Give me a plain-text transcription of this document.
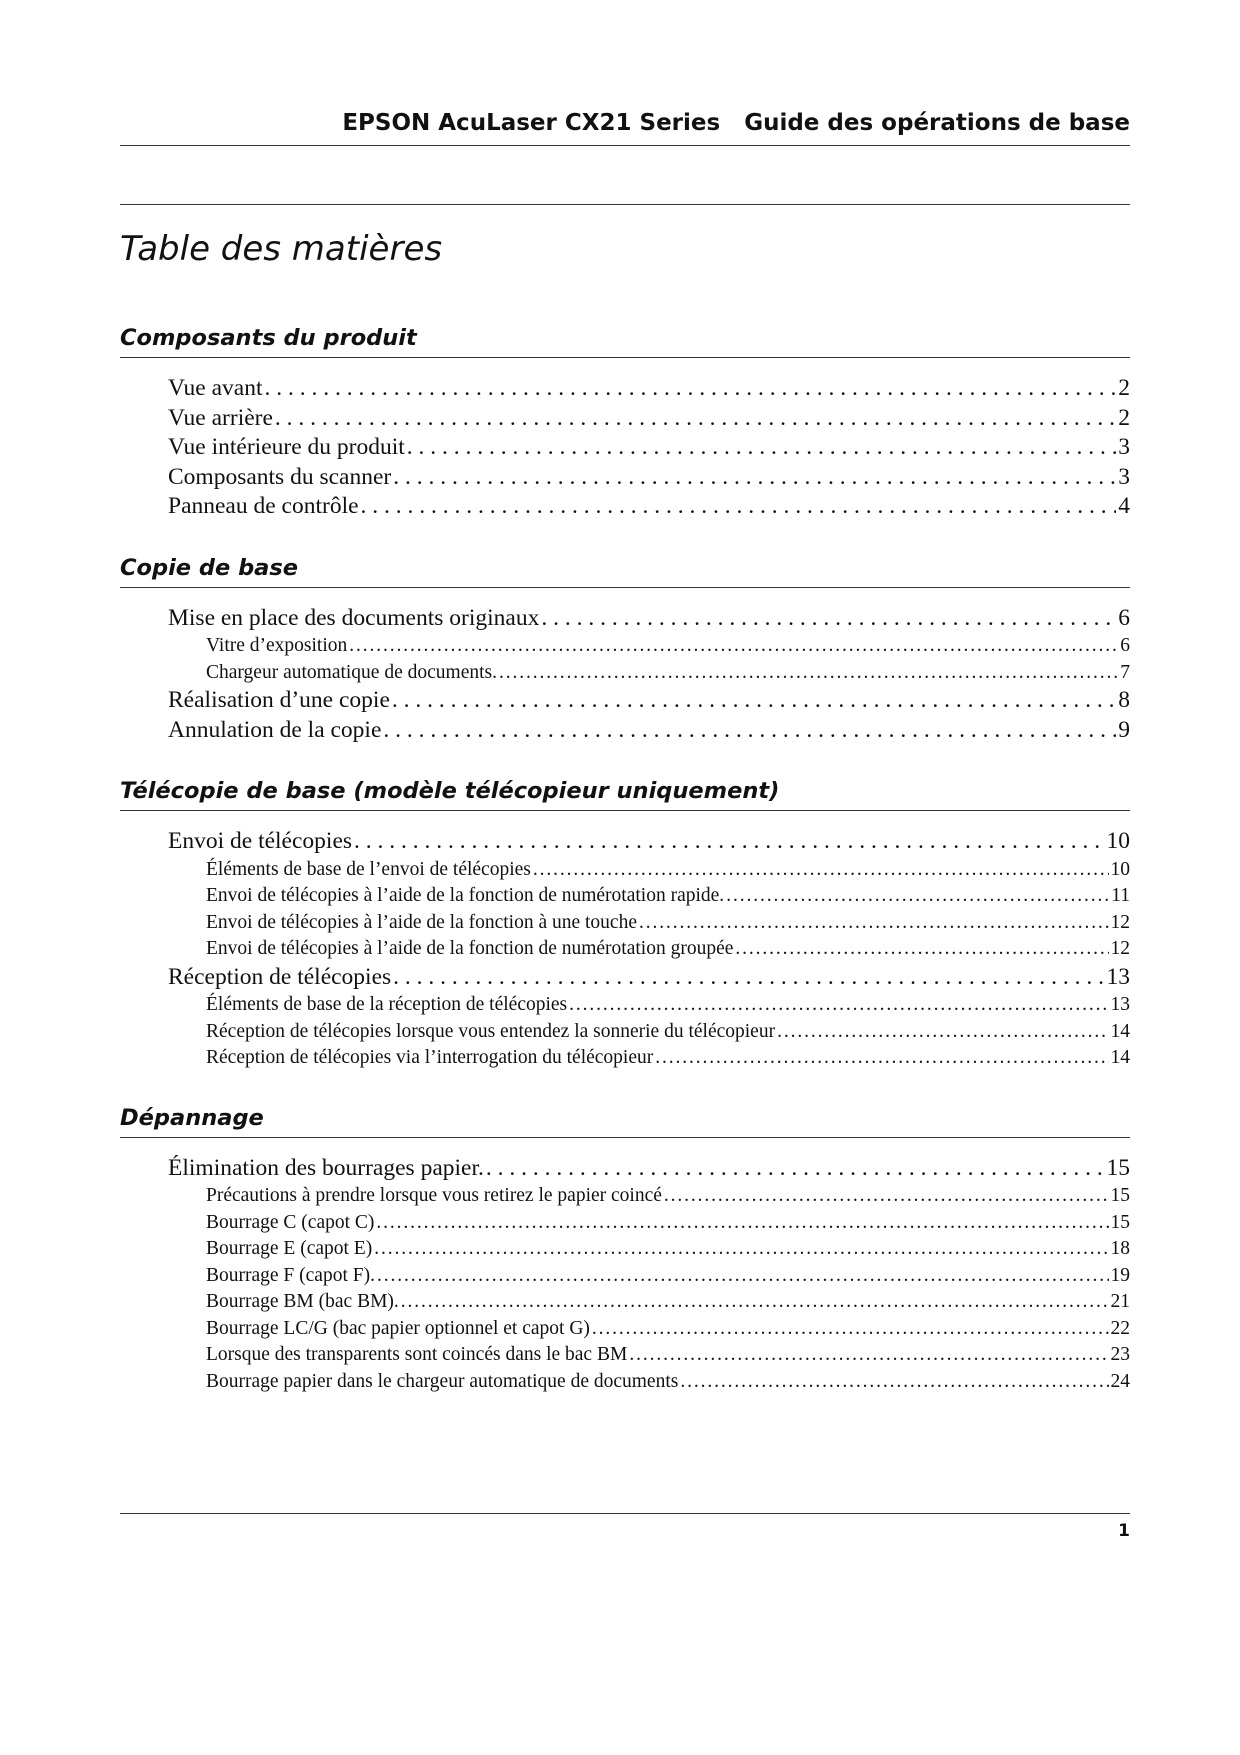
EPSON AcuLaser CX21 Series   Guide des opérations de base
Table des matières
Composants du produit
Vue avant . . .	2
Vue arrière . . .	2
Vue intérieure du produit . . .	3
Composants du scanner . . .	3
Panneau de contrôle . . .	4
Copie de base
Mise en place des documents originaux . . .	6
Vitre d’exposition . . .	6
Chargeur automatique de documents. . . .	7
Réalisation d’une copie . . .	8
Annulation de la copie . . .	9
Télécopie de base (modèle télécopieur uniquement)
Envoi de télécopies . . .	10
Éléments de base de l’envoi de télécopies . . .	10
Envoi de télécopies à l’aide de la fonction de numérotation rapide. . . .	11
Envoi de télécopies à l’aide de la fonction à une touche . . .	12
Envoi de télécopies à l’aide de la fonction de numérotation groupée . . .	12
Réception de télécopies . . .	13
Éléments de base de la réception de télécopies . . .	13
Réception de télécopies lorsque vous entendez la sonnerie du télécopieur . . .	14
Réception de télécopies via l’interrogation du télécopieur . . .	14
Dépannage
Élimination des bourrages papier. . . .	15
Précautions à prendre lorsque vous retirez le papier coincé . . .	15
Bourrage C (capot C) . . .	15
Bourrage E (capot E) . . .	18
Bourrage F (capot F). . . .	19
Bourrage BM (bac BM). . . .	21
Bourrage LC/G (bac papier optionnel et capot G) . . .	22
Lorsque des transparents sont coincés dans le bac BM . . .	23
Bourrage papier dans le chargeur automatique de documents . . .	24
1
